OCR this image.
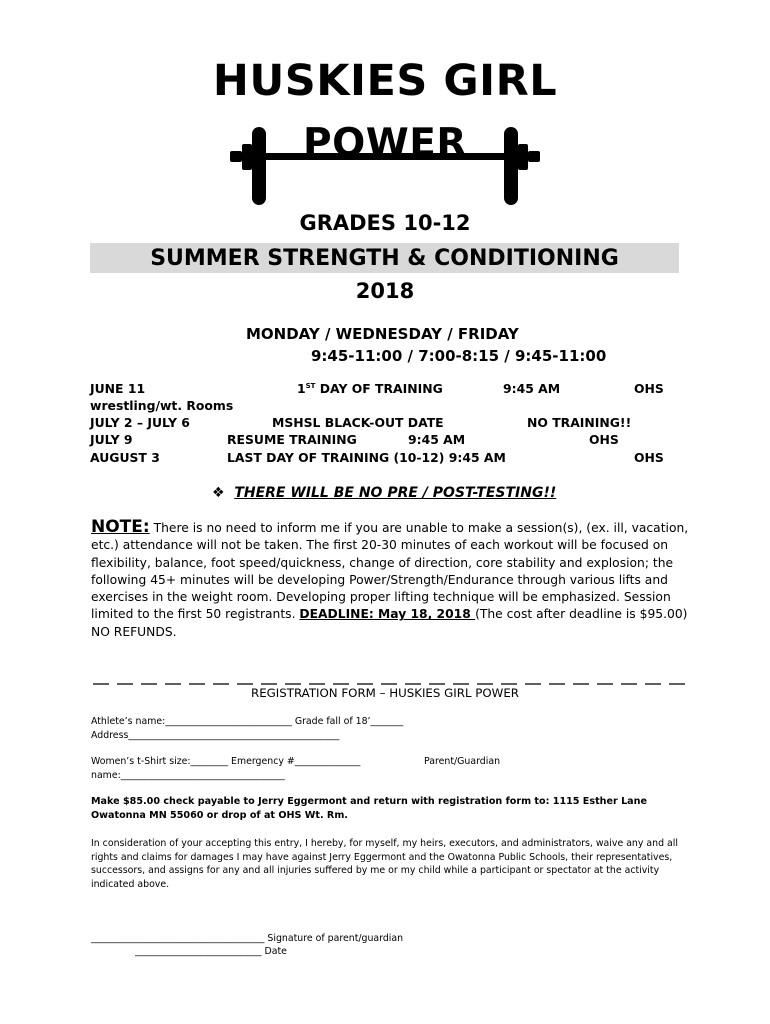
HUSKIES GIRL
POWER
GRADES 10-12
SUMMER STRENGTH & CONDITIONING
2018
MONDAY / WEDNESDAY / FRIDAY
9:45-11:00 / 7:00-8:15 / 9:45-11:00
JUNE 11	1ST DAY OF TRAINING	9:45 AM	OHS
wrestling/wt. Rooms
JULY 2 – JULY 6	MSHSL BLACK-OUT DATE	NO TRAINING!!
JULY 9	RESUME TRAINING	9:45 AM	OHS
AUGUST 3	LAST DAY OF TRAINING (10-12) 9:45 AM	OHS
❖ THERE WILL BE NO PRE / POST-TESTING!!
NOTE: There is no need to inform me if you are unable to make a session(s), (ex. ill, vacation, etc.) attendance will not be taken. The first 20-30 minutes of each workout will be focused on flexibility, balance, foot speed/quickness, change of direction, core stability and explosion; the following 45+ minutes will be developing Power/Strength/Endurance through various lifts and exercises in the weight room. Developing proper lifting technique will be emphasized. Session limited to the first 50 registrants. DEADLINE: May 18, 2018 (The cost after deadline is $95.00) NO REFUNDS.
REGISTRATION FORM – HUSKIES GIRL POWER
Athlete’s name:___________________________ Grade fall of 18’_______
Address_____________________________________________
Women’s t-Shirt size:________ Emergency #______________	Parent/Guardian
name:___________________________________
Make $85.00 check payable to Jerry Eggermont and return with registration form to: 1115 Esther Lane
Owatonna MN 55060 or drop of at OHS Wt. Rm.
In consideration of your accepting this entry, I hereby, for myself, my heirs, executors, and administrators, waive any and all rights and claims for damages I may have against Jerry Eggermont and the Owatonna Public Schools, their representatives, successors, and assigns for any and all injuries suffered by me or my child while a participant or spectator at the activity indicated above.
_____________________________________ Signature of parent/guardian
___________________________ Date
